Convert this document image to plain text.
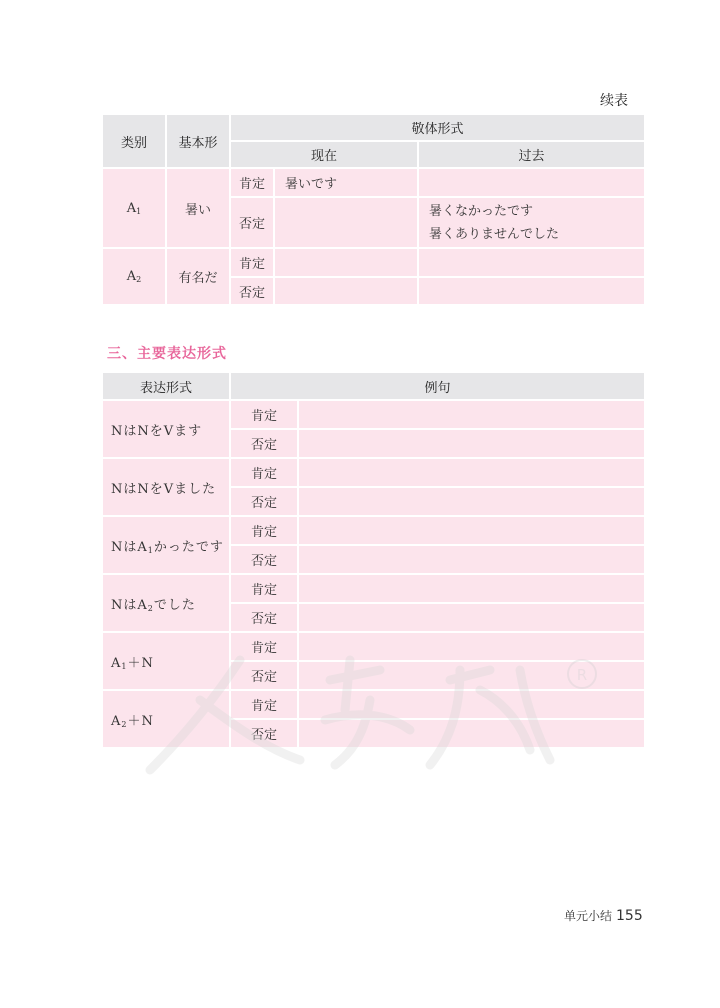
续表
类别	基本形	敬体形式		
		现在		过去
$A_1$	暑い	肯定	暑いです	
		否定		暑くなかったです
暑くありませんでした

$A_2$	有名だ	肯定		
		否定		
三、主要表达形式
表达形式	例句	
NはNをVます	肯定	
	否定	
NはNをVました	肯定	
	否定	
Nは$A_1$かったです	肯定	
	否定	
Nは$A_2$でした	肯定	
	否定	
$A_1+N$	肯定	
	否定	
$A_2+N$	肯定	
	否定	
R
单元小结 155
